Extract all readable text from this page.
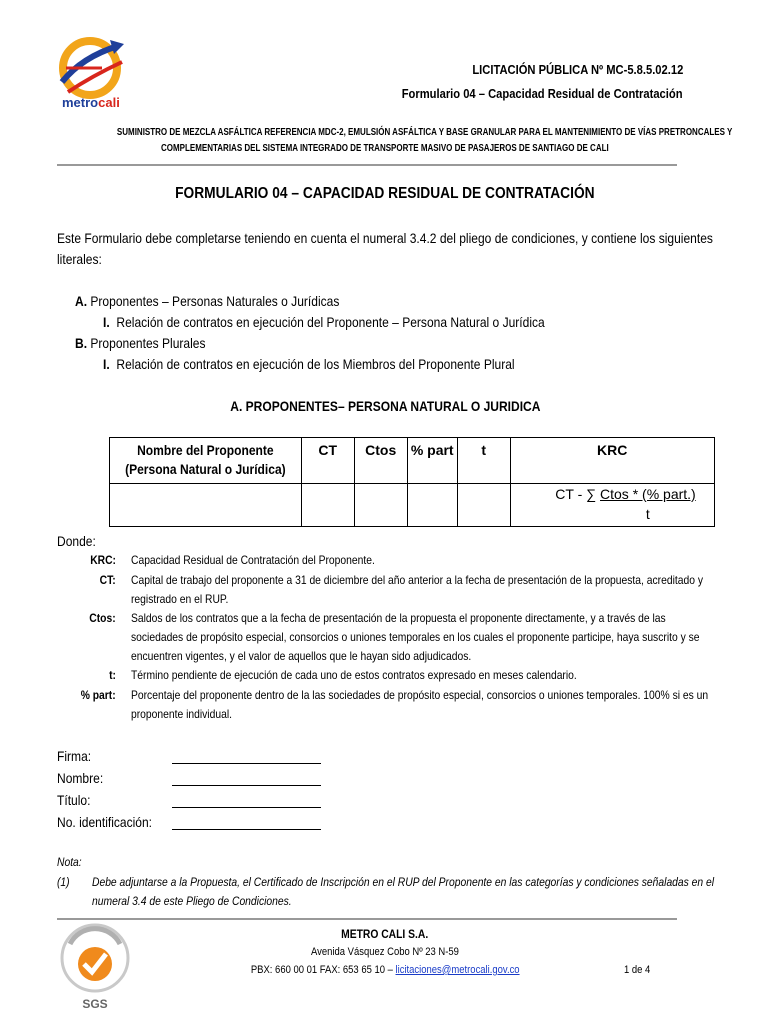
metrocali
LICITACIÓN PÚBLICA Nº MC-5.8.5.02.12
Formulario 04 – Capacidad Residual de Contratación
SUMINISTRO DE MEZCLA ASFÁLTICA REFERENCIA MDC-2, EMULSIÓN ASFÁLTICA Y BASE GRANULAR PARA EL MANTENIMIENTO DE VÍAS PRETRONCALES Y
COMPLEMENTARIAS DEL SISTEMA INTEGRADO DE TRANSPORTE MASIVO DE PASAJEROS DE SANTIAGO DE CALI
FORMULARIO 04 – CAPACIDAD RESIDUAL DE CONTRATACIÓN
Este Formulario debe completarse teniendo en cuenta el numeral 3.4.2 del pliego de condiciones, y contiene los siguientes
literales:
A. Proponentes – Personas Naturales o Jurídicas
I. Relación de contratos en ejecución del Proponente – Persona Natural o Jurídica
B. Proponentes Plurales
I. Relación de contratos en ejecución de los Miembros del Proponente Plural
A. PROPONENTES– PERSONA NATURAL O JURIDICA
Nombre del Proponente
(Persona Natural o Jurídica)	CT	Ctos	% part	t	KRC

					CT - ∑ Ctos * (% part.)
t
Donde:
KRC: Capacidad Residual de Contratación del Proponente.
CT: Capital de trabajo del proponente a 31 de diciembre del año anterior a la fecha de presentación de la propuesta, acreditado y
registrado en el RUP.
Ctos: Saldos de los contratos que a la fecha de presentación de la propuesta el proponente directamente, y a través de las
sociedades de propósito especial, consorcios o uniones temporales en los cuales el proponente participe, haya suscrito y se
encuentren vigentes, y el valor de aquellos que le hayan sido adjudicados.
t: Término pendiente de ejecución de cada uno de estos contratos expresado en meses calendario.
% part: Porcentaje del proponente dentro de la las sociedades de propósito especial, consorcios o uniones temporales. 100% si es un
proponente individual.
Firma:
Nombre:
Título:
No. identificación:
Nota:
(1) Debe adjuntarse a la Propuesta, el Certificado de Inscripción en el RUP del Proponente en las categorías y condiciones señaladas en el
numeral 3.4 de este Pliego de Condiciones.
SGS
METRO CALI S.A.
Avenida Vásquez Cobo Nº 23 N-59
PBX: 660 00 01 FAX: 653 65 10 – licitaciones@metrocali.gov.co	1 de 4
